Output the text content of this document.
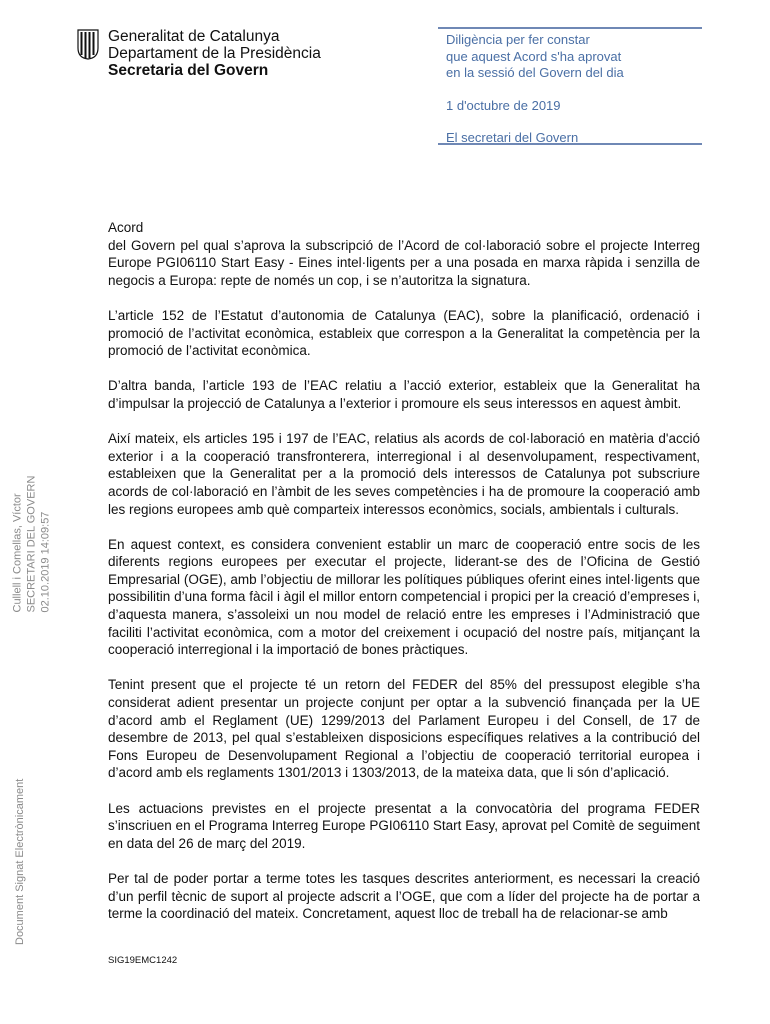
Generalitat de Catalunya
Departament de la Presidència
Secretaria del Govern
Diligència per fer constar
que aquest Acord s'ha aprovat
en la sessió del Govern del dia
1 d'octubre de 2019
El secretari del Govern
Acord
del Govern pel qual s’aprova la subscripció de l’Acord de col·laboració sobre el projecte Interreg Europe PGI06110 Start Easy - Eines intel·ligents per a una posada en marxa ràpida i senzilla de negocis a Europa: repte de només un cop, i se n’autoritza la signatura.

L’article 152 de l’Estatut d’autonomia de Catalunya (EAC), sobre la planificació, ordenació i promoció de l’activitat econòmica, estableix que correspon a la Generalitat la competència per la promoció de l’activitat econòmica.

D’altra banda, l’article 193 de l’EAC relatiu a l’acció exterior, estableix que la Generalitat ha d’impulsar la projecció de Catalunya a l’exterior i promoure els seus interessos en aquest àmbit.

Així mateix, els articles 195 i 197 de l’EAC, relatius als acords de col·laboració en matèria d'acció exterior i a la cooperació transfronterera, interregional i al desenvolupament, respectivament, estableixen que la Generalitat per a la promoció dels interessos de Catalunya pot subscriure acords de col·laboració en l’àmbit de les seves competències i ha de promoure la cooperació amb les regions europees amb què comparteix interessos econòmics, socials, ambientals i culturals.

En aquest context, es considera convenient establir un marc de cooperació entre socis de les diferents regions europees per executar el projecte, liderant-se des de l’Oficina de Gestió Empresarial (OGE), amb l’objectiu de millorar les polítiques públiques oferint eines intel·ligents que possibilitin d’una forma fàcil i àgil el millor entorn competencial i propici per la creació d’empreses i, d’aquesta manera, s’assoleixi un nou model de relació entre les empreses i l’Administració que faciliti l’activitat econòmica, com a motor del creixement i ocupació del nostre país, mitjançant la cooperació interregional i la importació de bones pràctiques.

Tenint present que el projecte té un retorn del FEDER del 85% del pressupost elegible s’ha considerat adient presentar un projecte conjunt per optar a la subvenció finançada per la UE d’acord amb el Reglament (UE) 1299/2013 del Parlament Europeu i del Consell, de 17 de desembre de 2013, pel qual s’estableixen disposicions específiques relatives a la contribució del Fons Europeu de Desenvolupament Regional a l’objectiu de cooperació territorial europea i d’acord amb els reglaments 1301/2013 i 1303/2013, de la mateixa data, que li són d’aplicació.

Les actuacions previstes en el projecte presentat a la convocatòria del programa FEDER s’inscriuen en el Programa Interreg Europe PGI06110 Start Easy, aprovat pel Comitè de seguiment en data del 26 de març del 2019.

Per tal de poder portar a terme totes les tasques descrites anteriorment, es necessari la creació d’un perfil tècnic de suport al projecte adscrit a l’OGE, que com a líder del projecte ha de portar a terme la coordinació del mateix. Concretament, aquest lloc de treball ha de relacionar-se amb

Cullell i Comellas, Víctor SECRETARI DEL GOVERN 02.10.2019 14:09:57
Document Signat Electrònicament
SIG19EMC1242
